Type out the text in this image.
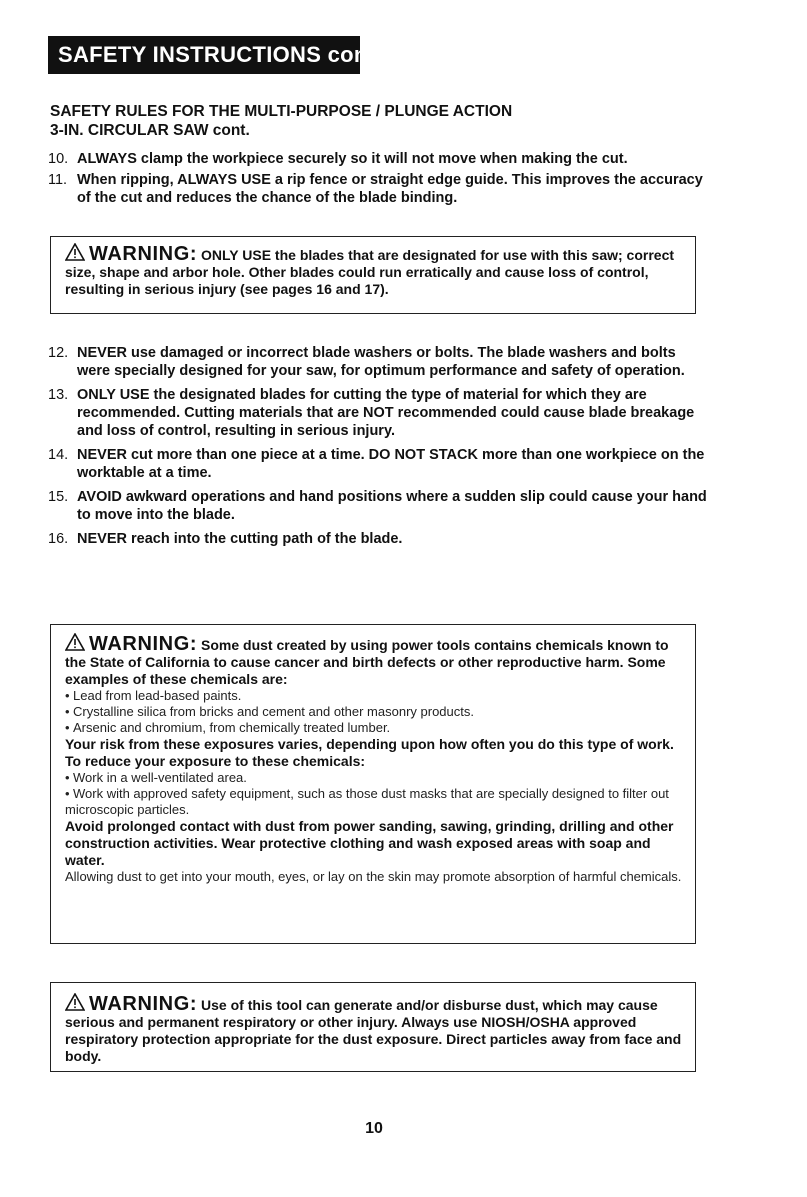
SAFETY INSTRUCTIONS cont.
SAFETY RULES FOR THE MULTI-PURPOSE / PLUNGE ACTION
3-IN. CIRCULAR SAW cont.
10. ALWAYS clamp the workpiece securely so it will not move when making the cut.
11. When ripping, ALWAYS USE a rip fence or straight edge guide. This improves the accuracy of the cut and reduces the chance of the blade binding.
WARNING: ONLY USE the blades that are designated for use with this saw; correct size, shape and arbor hole. Other blades could run erratically and cause loss of control, resulting in serious injury (see pages 16 and 17).
12. NEVER use damaged or incorrect blade washers or bolts. The blade washers and bolts were specially designed for your saw, for optimum performance and safety of operation.
13. ONLY USE the designated blades for cutting the type of material for which they are recommended. Cutting materials that are NOT recommended could cause blade breakage and loss of control, resulting in serious injury.
14. NEVER cut more than one piece at a time. DO NOT STACK more than one workpiece on the worktable at a time.
15. AVOID awkward operations and hand positions where a sudden slip could cause your hand to move into the blade.
16. NEVER reach into the cutting path of the blade.
WARNING: Some dust created by using power tools contains chemicals known to the State of California to cause cancer and birth defects or other reproductive harm. Some examples of these chemicals are:
• Lead from lead-based paints.
• Crystalline silica from bricks and cement and other masonry products.
• Arsenic and chromium, from chemically treated lumber.
Your risk from these exposures varies, depending upon how often you do this type of work. To reduce your exposure to these chemicals:
• Work in a well-ventilated area.
• Work with approved safety equipment, such as those dust masks that are specially designed to filter out microscopic particles.
Avoid prolonged contact with dust from power sanding, sawing, grinding, drilling and other construction activities. Wear protective clothing and wash exposed areas with soap and water.
Allowing dust to get into your mouth, eyes, or lay on the skin may promote absorption of harmful chemicals.
WARNING: Use of this tool can generate and/or disburse dust, which may cause serious and permanent respiratory or other injury. Always use NIOSH/OSHA approved respiratory protection appropriate for the dust exposure. Direct particles away from face and body.
10
